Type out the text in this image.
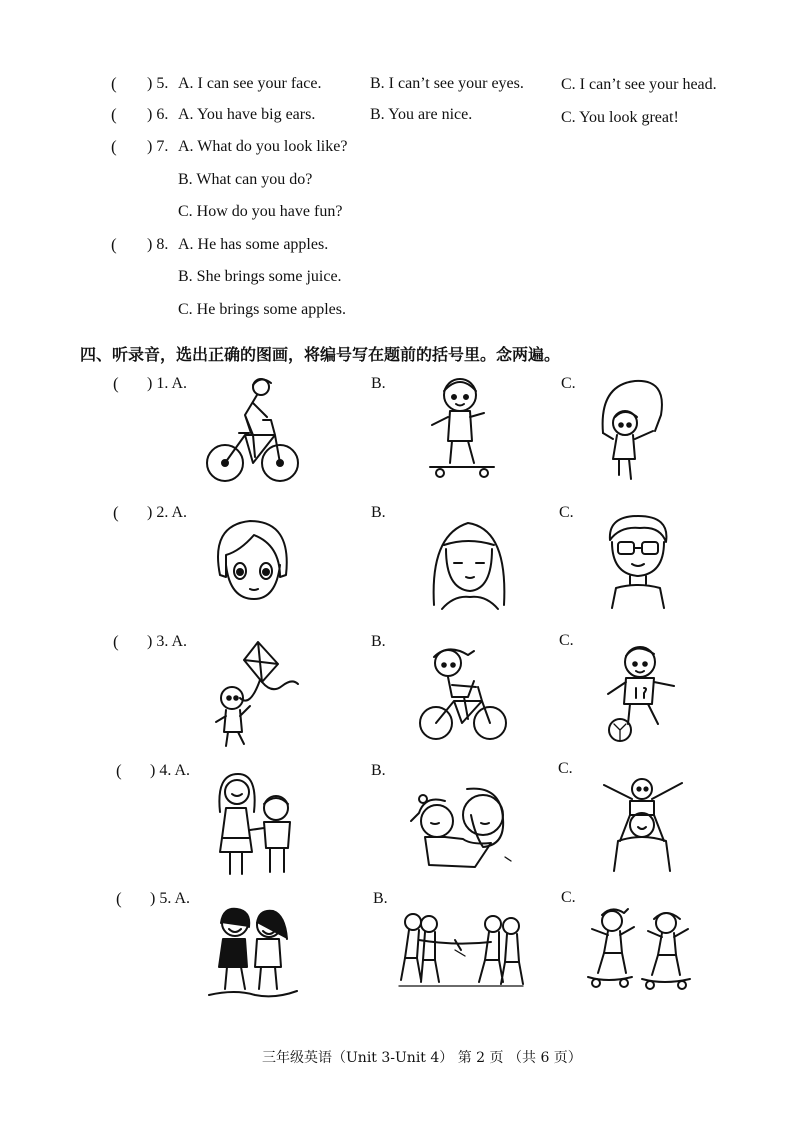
( ) 5. A. I can see your face.	B. I can’t see your eyes. C. I can’t see your head.
( ) 6. A. You have big ears.	B. You are nice.	C. You look great!
( ) 7. A. What do you look like?
B. What can you do?
C. How do you have fun?
( ) 8. A. He has some apples.
B. She brings some juice.
C. He brings some apples.
四、听录音，选出正确的图画，将编号写在题前的括号里。念两遍。
( ) 1. A.	B.	C.
( ) 2. A.	B.	C.
( ) 3. A.	B.	C.
( ) 4. A.	B.	C.
( ) 5. A.	B.	C.
三年级英语（Unit 3-Unit 4） 第 2 页 （共 6 页）
